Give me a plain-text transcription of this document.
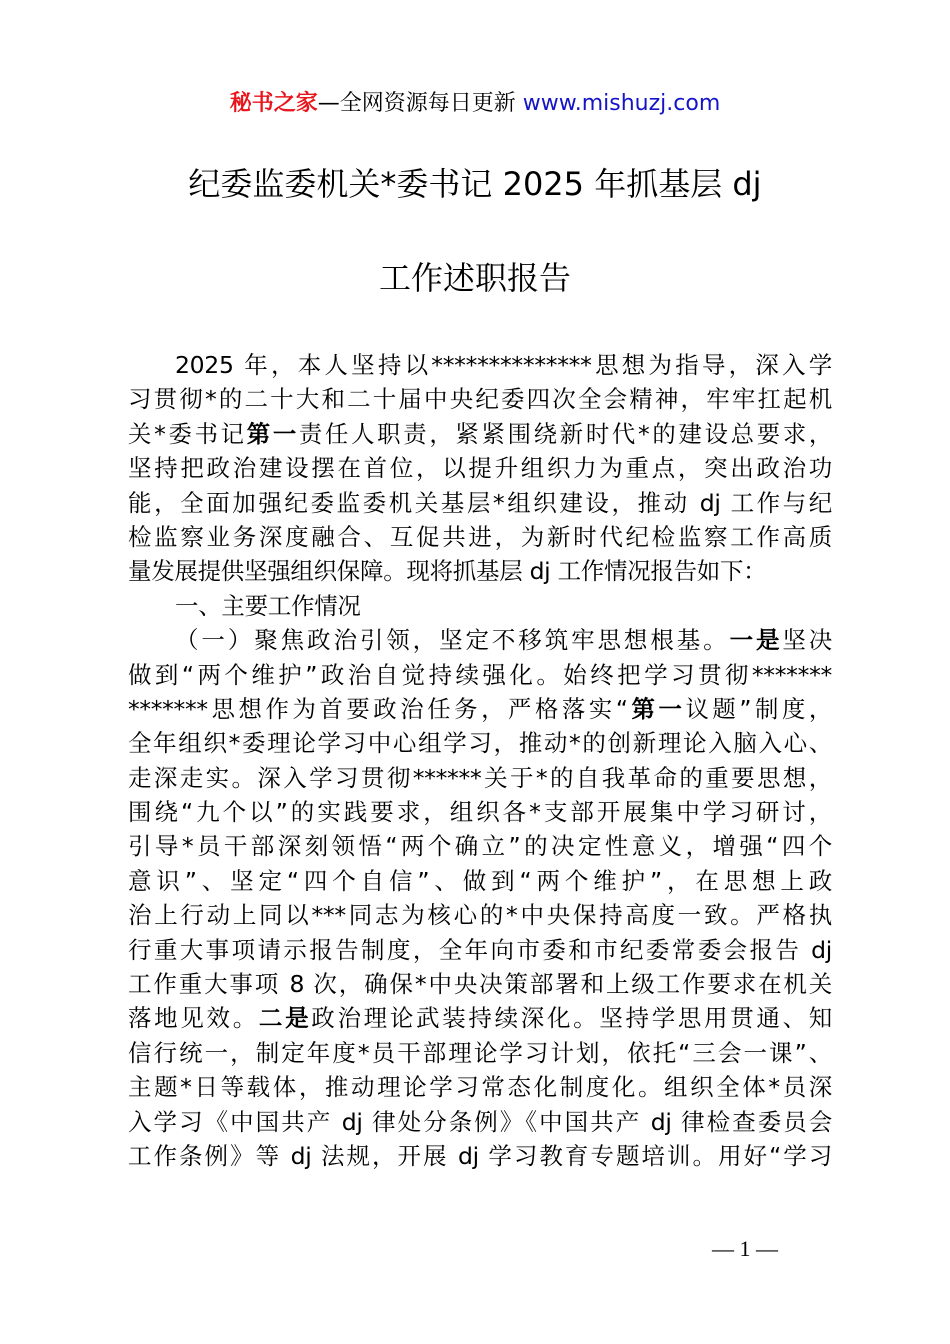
秘书之家—全网资源每日更新 www.mishuzj.com
纪委监委机关*委书记 2025 年抓基层 dj
工作述职报告
2025 年，本人坚持以**************思想为指导，深入学
习贯彻*的二十大和二十届中央纪委四次全会精神，牢牢扛起机
关*委书记第一责任人职责，紧紧围绕新时代*的建设总要求，
坚持把政治建设摆在首位，以提升组织力为重点，突出政治功
能，全面加强纪委监委机关基层*组织建设，推动 dj 工作与纪
检监察业务深度融合、互促共进，为新时代纪检监察工作高质
量发展提供坚强组织保障。现将抓基层 dj 工作情况报告如下：
一、主要工作情况
（一）聚焦政治引领，坚定不移筑牢思想根基。一是坚决
做到“两个维护”政治自觉持续强化。始终把学习贯彻*******
*******思想作为首要政治任务，严格落实“第一议题”制度，
全年组织*委理论学习中心组学习，推动*的创新理论入脑入心、
走深走实。深入学习贯彻******关于*的自我革命的重要思想，
围绕“九个以”的实践要求，组织各*支部开展集中学习研讨，
引导*员干部深刻领悟“两个确立”的决定性意义，增强“四个
意识”、坚定“四个自信”、做到“两个维护”，在思想上政
治上行动上同以***同志为核心的*中央保持高度一致。严格执
行重大事项请示报告制度，全年向市委和市纪委常委会报告 dj
工作重大事项 8 次，确保*中央决策部署和上级工作要求在机关
落地见效。二是政治理论武装持续深化。坚持学思用贯通、知
信行统一，制定年度*员干部理论学习计划，依托“三会一课”、
主题*日等载体，推动理论学习常态化制度化。组织全体*员深
入学习《中国共产 dj 律处分条例》《中国共产 dj 律检查委员会
工作条例》等 dj 法规，开展 dj 学习教育专题培训。用好“学习
— 1 —
